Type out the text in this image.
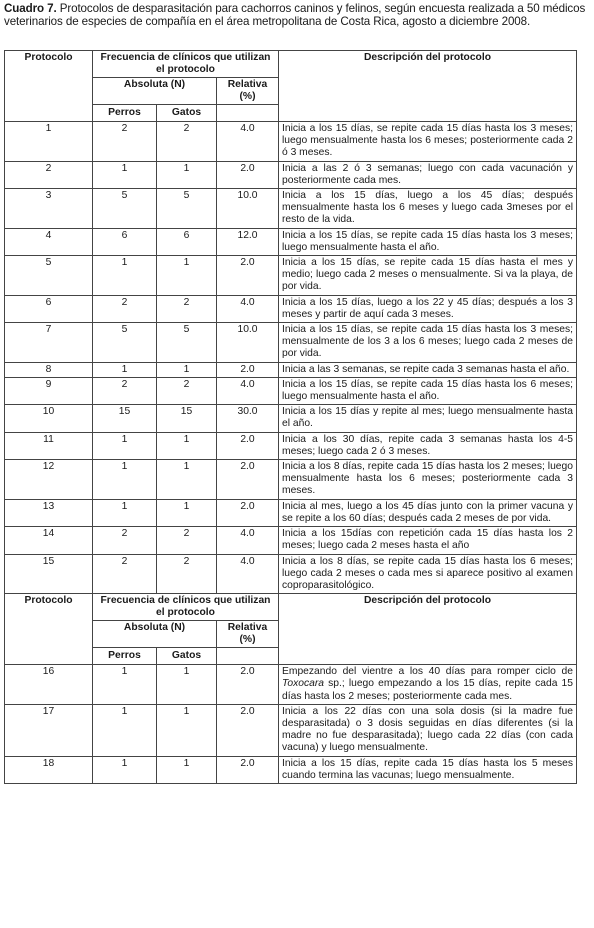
Cuadro 7. Protocolos de desparasitación para cachorros caninos y felinos, según encuesta realizada a 50 médicos veterinarios de especies de compañía en el área metropolitana de Costa Rica, agosto a diciembre 2008.
Protocolo	Frecuencia de clínicos que utilizan el protocolo			Descripción del protocolo
	Absoluta (N)		Relativa (%)	
	Perros	Gatos		
1	2	2	4.0	Inicia a los 15 días, se repite cada 15 días hasta los 3 meses; luego mensualmente hasta los 6 meses; posteriormente cada 2 ó 3 meses.
2	1	1	2.0	Inicia a las 2 ó 3 semanas; luego con cada vacunación y posteriormente cada mes.
3	5	5	10.0	Inicia a los 15 días, luego a los 45 días; después mensualmente hasta los 6 meses y luego cada 3meses por el resto de la vida.
4	6	6	12.0	Inicia a los 15 días, se repite cada 15 días hasta los 3 meses; luego mensualmente hasta el año.
5	1	1	2.0	Inicia a los 15 días, se repite cada 15 días hasta el mes y medio; luego cada 2 meses o mensualmente. Si va la playa, de por vida.
6	2	2	4.0	Inicia a los 15 días, luego a los 22 y 45 días; después a los 3 meses y partir de aquí cada 3 meses.
7	5	5	10.0	Inicia a los 15 días, se repite cada 15 días hasta los 3 meses; mensualmente de los 3 a los 6 meses; luego cada 2 meses de por vida.
8	1	1	2.0	Inicia a las 3 semanas, se repite cada 3 semanas hasta el año.
9	2	2	4.0	Inicia a los 15 días, se repite cada 15 días hasta los 6 meses; luego mensualmente hasta el año.
10	15	15	30.0	Inicia a los 15 días y repite al mes; luego mensualmente hasta el año.
11	1	1	2.0	Inicia a los 30 días, repite cada 3 semanas hasta los 4-5 meses; luego cada 2 ó 3 meses.
12	1	1	2.0	Inicia a los 8 días, repite cada 15 días hasta los 2 meses; luego mensualmente hasta los 6 meses; posteriormente cada 3 meses.
13	1	1	2.0	Inicia al mes, luego a los 45 días junto con la primer vacuna y se repite a los 60 días; después cada 2 meses de por vida.
14	2	2	4.0	Inicia a los 15días con repetición cada 15 días hasta los 2 meses; luego cada 2 meses hasta el año
15	2	2	4.0	Inicia a los 8 días, se repite cada 15 días hasta los 6 meses; luego cada 2 meses o cada mes si aparece positivo al examen coproparasitológico.
Protocolo	Frecuencia de clínicos que utilizan el protocolo			Descripción del protocolo
	Absoluta (N)		Relativa (%)	
	Perros	Gatos		
16	1	1	2.0	Empezando del vientre a los 40 días para romper ciclo de Toxocara sp.; luego empezando a los 15 días, repite cada 15 días hasta los 2 meses; posteriormente cada mes.
17	1	1	2.0	Inicia a los 22 días con una sola dosis (si la madre fue desparasitada) o 3 dosis seguidas en días diferentes (si la madre no fue desparasitada); luego cada 22 días (con cada vacuna) y luego mensualmente.
18	1	1	2.0	Inicia a los 15 días, repite cada 15 días hasta los 5 meses cuando termina las vacunas; luego mensualmente.
